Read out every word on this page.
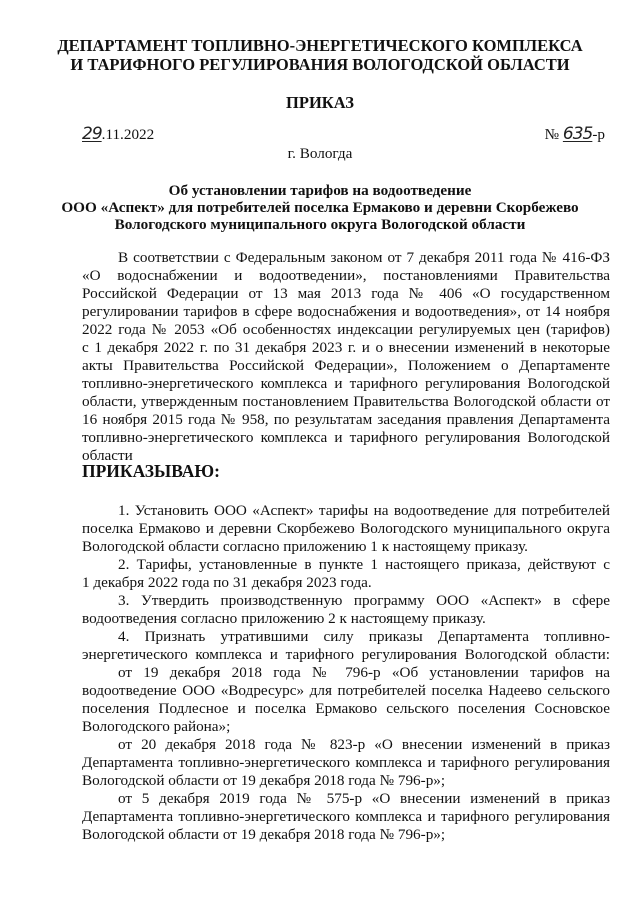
ДЕПАРТАМЕНТ ТОПЛИВНО-ЭНЕРГЕТИЧЕСКОГО КОМПЛЕКСА
И ТАРИФНОГО РЕГУЛИРОВАНИЯ ВОЛОГОДСКОЙ ОБЛАСТИ
ПРИКАЗ
29.11.2022	№ 635-р
г. Вологда
Об установлении тарифов на водоотведение
ООО «Аспект» для потребителей поселка Ермаково и деревни Скорбежево
Вологодского муниципального округа Вологодской области
В соответствии с Федеральным законом от 7 декабря 2011 года № 416-ФЗ
«О водоснабжении и водоотведении», постановлениями Правительства
Российской Федерации от 13 мая 2013 года № 406 «О государственном
регулировании тарифов в сфере водоснабжения и водоотведения», от 14 ноября
2022 года № 2053 «Об особенностях индексации регулируемых цен (тарифов)
с 1 декабря 2022 г. по 31 декабря 2023 г. и о внесении изменений в некоторые
акты Правительства Российской Федерации», Положением о Департаменте
топливно-энергетического комплекса и тарифного регулирования Вологодской
области, утвержденным постановлением Правительства Вологодской области от
16 ноября 2015 года № 958, по результатам заседания правления Департамента
топливно-энергетического комплекса и тарифного регулирования Вологодской
области
ПРИКАЗЫВАЮ:
1. Установить ООО «Аспект» тарифы на водоотведение для потребителей
поселка Ермаково и деревни Скорбежево Вологодского муниципального округа
Вологодской области согласно приложению 1 к настоящему приказу.
2. Тарифы, установленные в пункте 1 настоящего приказа, действуют с
1 декабря 2022 года по 31 декабря 2023 года.
3. Утвердить производственную программу ООО «Аспект» в сфере
водоотведения согласно приложению 2 к настоящему приказу.
4. Признать утратившими силу приказы Департамента топливно-
энергетического комплекса и тарифного регулирования Вологодской области:
от 19 декабря 2018 года № 796-р «Об установлении тарифов на
водоотведение ООО «Водресурс» для потребителей поселка Надеево сельского
поселения Подлесное и поселка Ермаково сельского поселения Сосновское
Вологодского района»;
от 20 декабря 2018 года № 823-р «О внесении изменений в приказ
Департамента топливно-энергетического комплекса и тарифного регулирования
Вологодской области от 19 декабря 2018 года № 796-р»;
от 5 декабря 2019 года № 575-р «О внесении изменений в приказ
Департамента топливно-энергетического комплекса и тарифного регулирования
Вологодской области от 19 декабря 2018 года № 796-р»;
